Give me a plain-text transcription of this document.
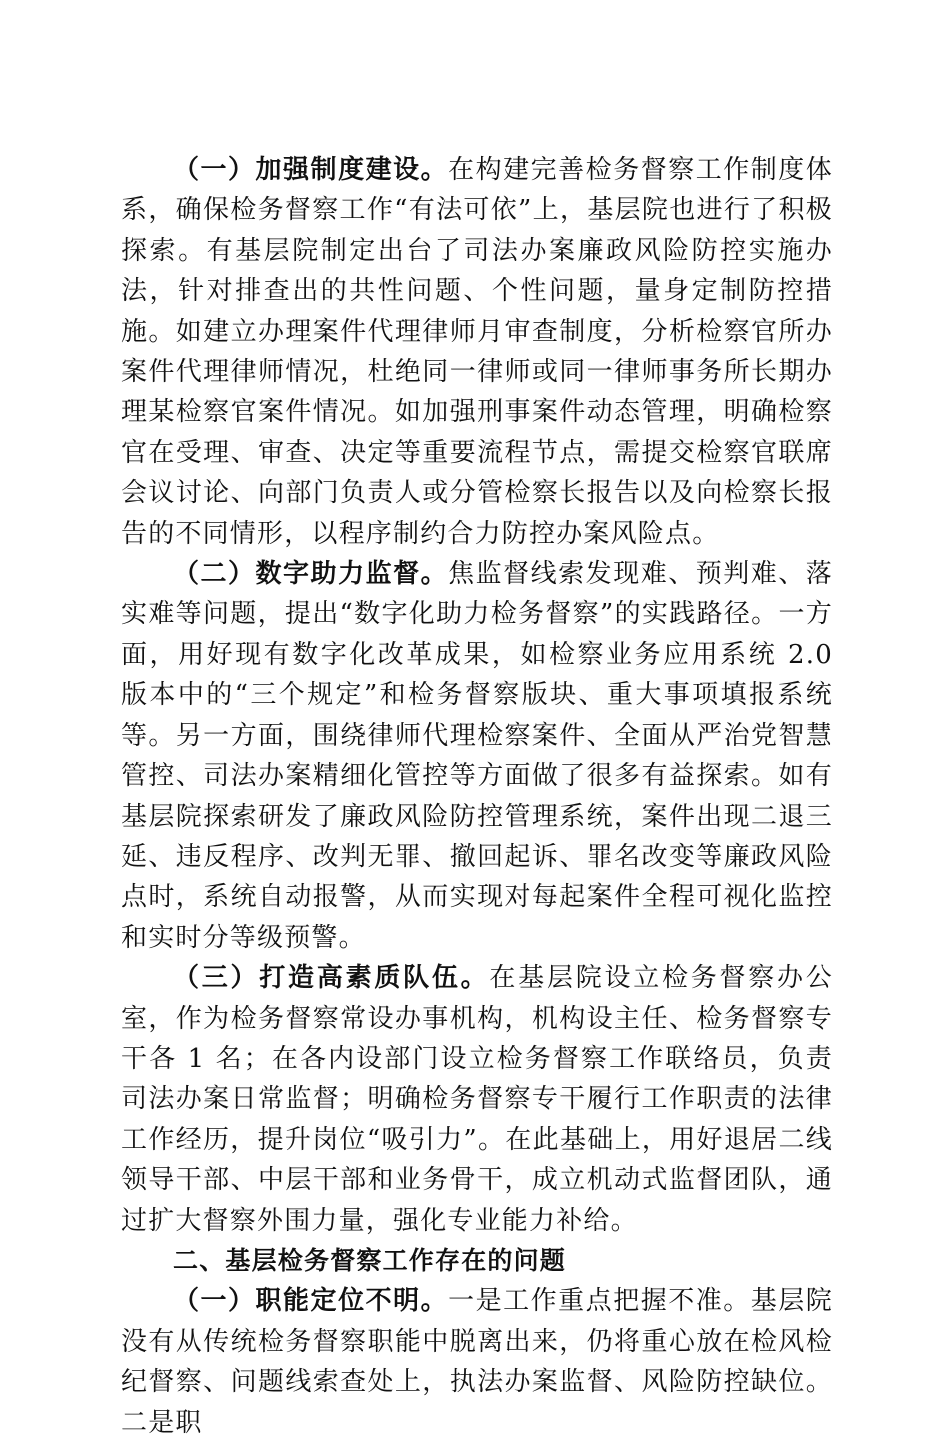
（一）加强制度建设。在构建完善检务督察工作制度体系，确保检务督察工作“有法可依”上，基层院也进行了积极探索。有基层院制定出台了司法办案廉政风险防控实施办法，针对排查出的共性问题、个性问题，量身定制防控措施。如建立办理案件代理律师月审查制度，分析检察官所办案件代理律师情况，杜绝同一律师或同一律师事务所长期办理某检察官案件情况。如加强刑事案件动态管理，明确检察官在受理、审查、决定等重要流程节点，需提交检察官联席会议讨论、向部门负责人或分管检察长报告以及向检察长报告的不同情形，以程序制约合力防控办案风险点。

（二）数字助力监督。焦监督线索发现难、预判难、落实难等问题，提出“数字化助力检务督察”的实践路径。一方面，用好现有数字化改革成果，如检察业务应用系统 2.0 版本中的“三个规定”和检务督察版块、重大事项填报系统等。另一方面，围绕律师代理检察案件、全面从严治党智慧管控、司法办案精细化管控等方面做了很多有益探索。如有基层院探索研发了廉政风险防控管理系统，案件出现二退三延、违反程序、改判无罪、撤回起诉、罪名改变等廉政风险点时，系统自动报警，从而实现对每起案件全程可视化监控和实时分等级预警。

（三）打造高素质队伍。在基层院设立检务督察办公室，作为检务督察常设办事机构，机构设主任、检务督察专干各 1 名；在各内设部门设立检务督察工作联络员，负责司法办案日常监督；明确检务督察专干履行工作职责的法律工作经历，提升岗位“吸引力”。在此基础上，用好退居二线领导干部、中层干部和业务骨干，成立机动式监督团队，通过扩大督察外围力量，强化专业能力补给。

二、基层检务督察工作存在的问题

（一）职能定位不明。一是工作重点把握不准。基层院没有从传统检务督察职能中脱离出来，仍将重心放在检风检纪督察、问题线索查处上，执法办案监督、风险防控缺位。二是职
